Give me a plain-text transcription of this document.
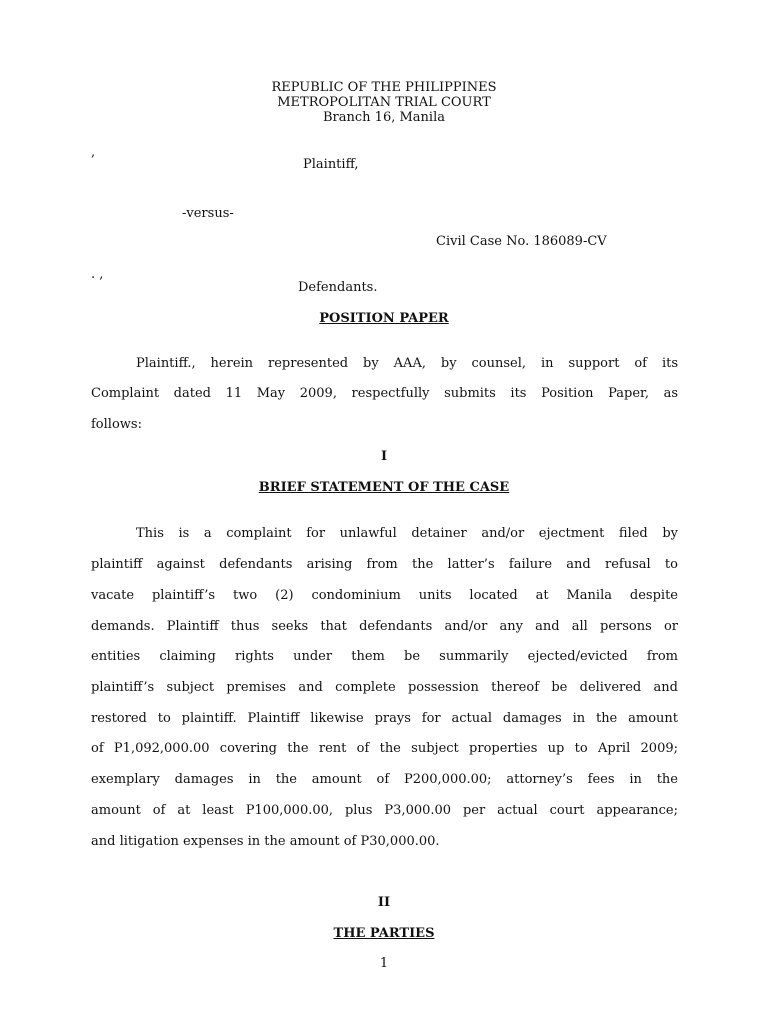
REPUBLIC OF THE PHILIPPINES
METROPOLITAN TRIAL COURT
Branch 16, Manila
,
Plaintiff,
-versus-
Civil Case No. 186089-CV
. ,
Defendants.
POSITION PAPER
Plaintiff., herein represented by AAA, by counsel, in support of its
Complaint dated 11 May 2009, respectfully submits its Position Paper, as
follows:
I
BRIEF STATEMENT OF THE CASE
This is a complaint for unlawful detainer and/or ejectment filed by
plaintiff against defendants arising from the latter’s failure and refusal to
vacate plaintiff’s two (2) condominium units located at Manila despite
demands. Plaintiff thus seeks that defendants and/or any and all persons or
entities claiming rights under them be summarily ejected/evicted from
plaintiff’s subject premises and complete possession thereof be delivered and
restored to plaintiff. Plaintiff likewise prays for actual damages in the amount
of P1,092,000.00 covering the rent of the subject properties up to April 2009;
exemplary damages in the amount of P200,000.00; attorney’s fees in the
amount of at least P100,000.00, plus P3,000.00 per actual court appearance;
and litigation expenses in the amount of P30,000.00.
II
THE PARTIES
1
